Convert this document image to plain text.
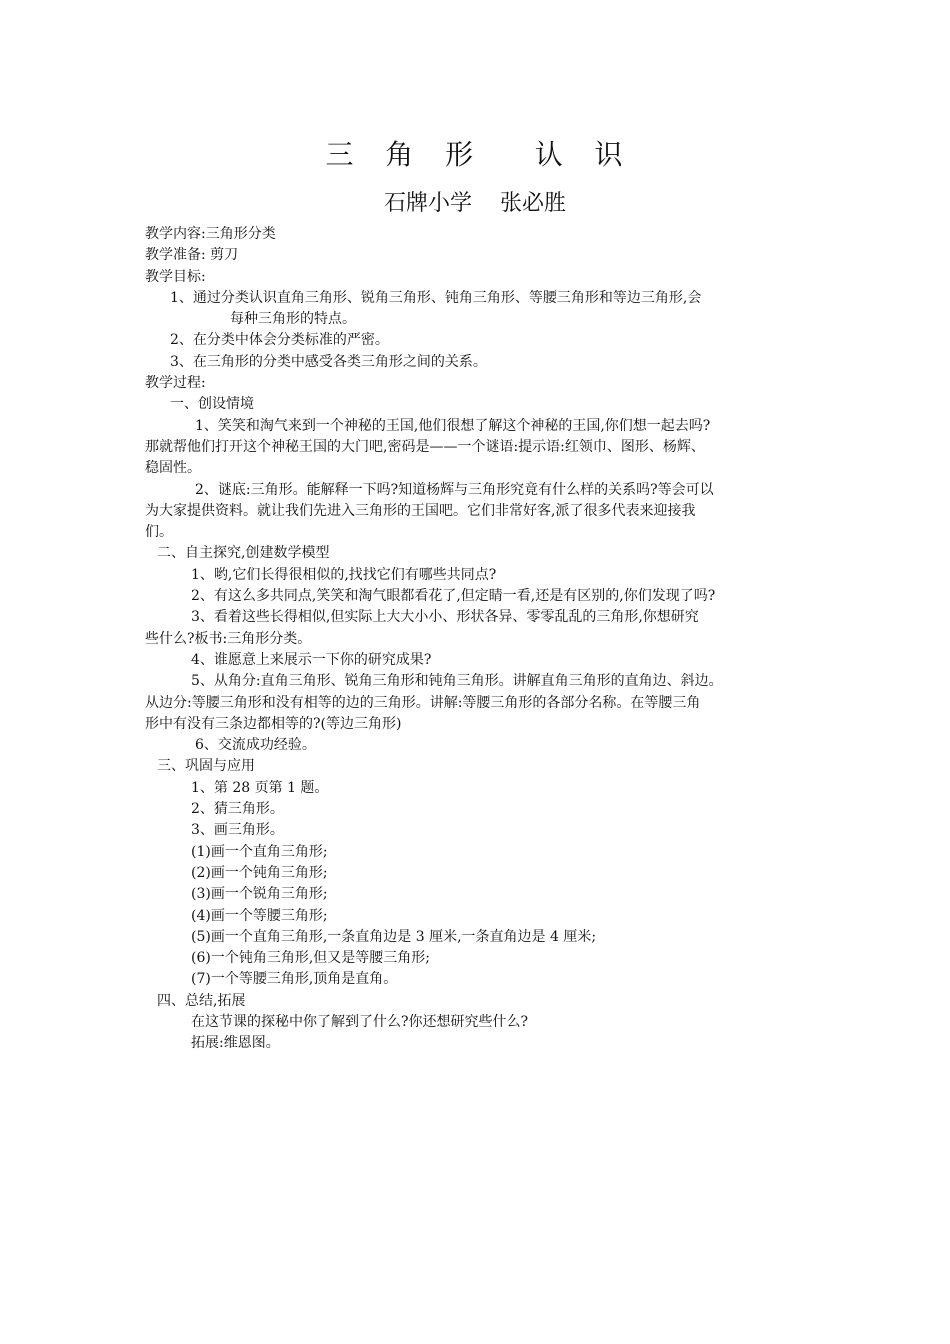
三  角  形    认  识
石牌小学    张必胜
教学内容:三角形分类
教学准备: 剪刀
教学目标:
1、通过分类认识直角三角形、锐角三角形、钝角三角形、等腰三角形和等边三角形,会
每种三角形的特点。
2、在分类中体会分类标准的严密。
3、在三角形的分类中感受各类三角形之间的关系。
教学过程:
一、创设情境
1、笑笑和淘气来到一个神秘的王国,他们很想了解这个神秘的王国,你们想一起去吗?
那就帮他们打开这个神秘王国的大门吧,密码是——一个谜语:提示语:红领巾、图形、杨辉、
稳固性。
2、谜底:三角形。能解释一下吗?知道杨辉与三角形究竟有什么样的关系吗?等会可以
为大家提供资料。就让我们先进入三角形的王国吧。它们非常好客,派了很多代表来迎接我
们。
二、自主探究,创建数学模型
1、哟,它们长得很相似的,找找它们有哪些共同点?
2、有这么多共同点,笑笑和淘气眼都看花了,但定睛一看,还是有区别的,你们发现了吗?
3、看着这些长得相似,但实际上大大小小、形状各异、零零乱乱的三角形,你想研究
些什么?板书:三角形分类。
4、谁愿意上来展示一下你的研究成果?
5、从角分:直角三角形、锐角三角形和钝角三角形。讲解直角三角形的直角边、斜边。
从边分:等腰三角形和没有相等的边的三角形。讲解:等腰三角形的各部分名称。在等腰三角
形中有没有三条边都相等的?(等边三角形)
6、交流成功经验。
三、巩固与应用
1、第 28 页第 1 题。
2、猜三角形。
3、画三角形。
(1)画一个直角三角形;
(2)画一个钝角三角形;
(3)画一个锐角三角形;
(4)画一个等腰三角形;
(5)画一个直角三角形,一条直角边是 3 厘米,一条直角边是 4 厘米;
(6)一个钝角三角形,但又是等腰三角形;
(7)一个等腰三角形,顶角是直角。
四、总结,拓展
在这节课的探秘中你了解到了什么?你还想研究些什么?
拓展:维恩图。
